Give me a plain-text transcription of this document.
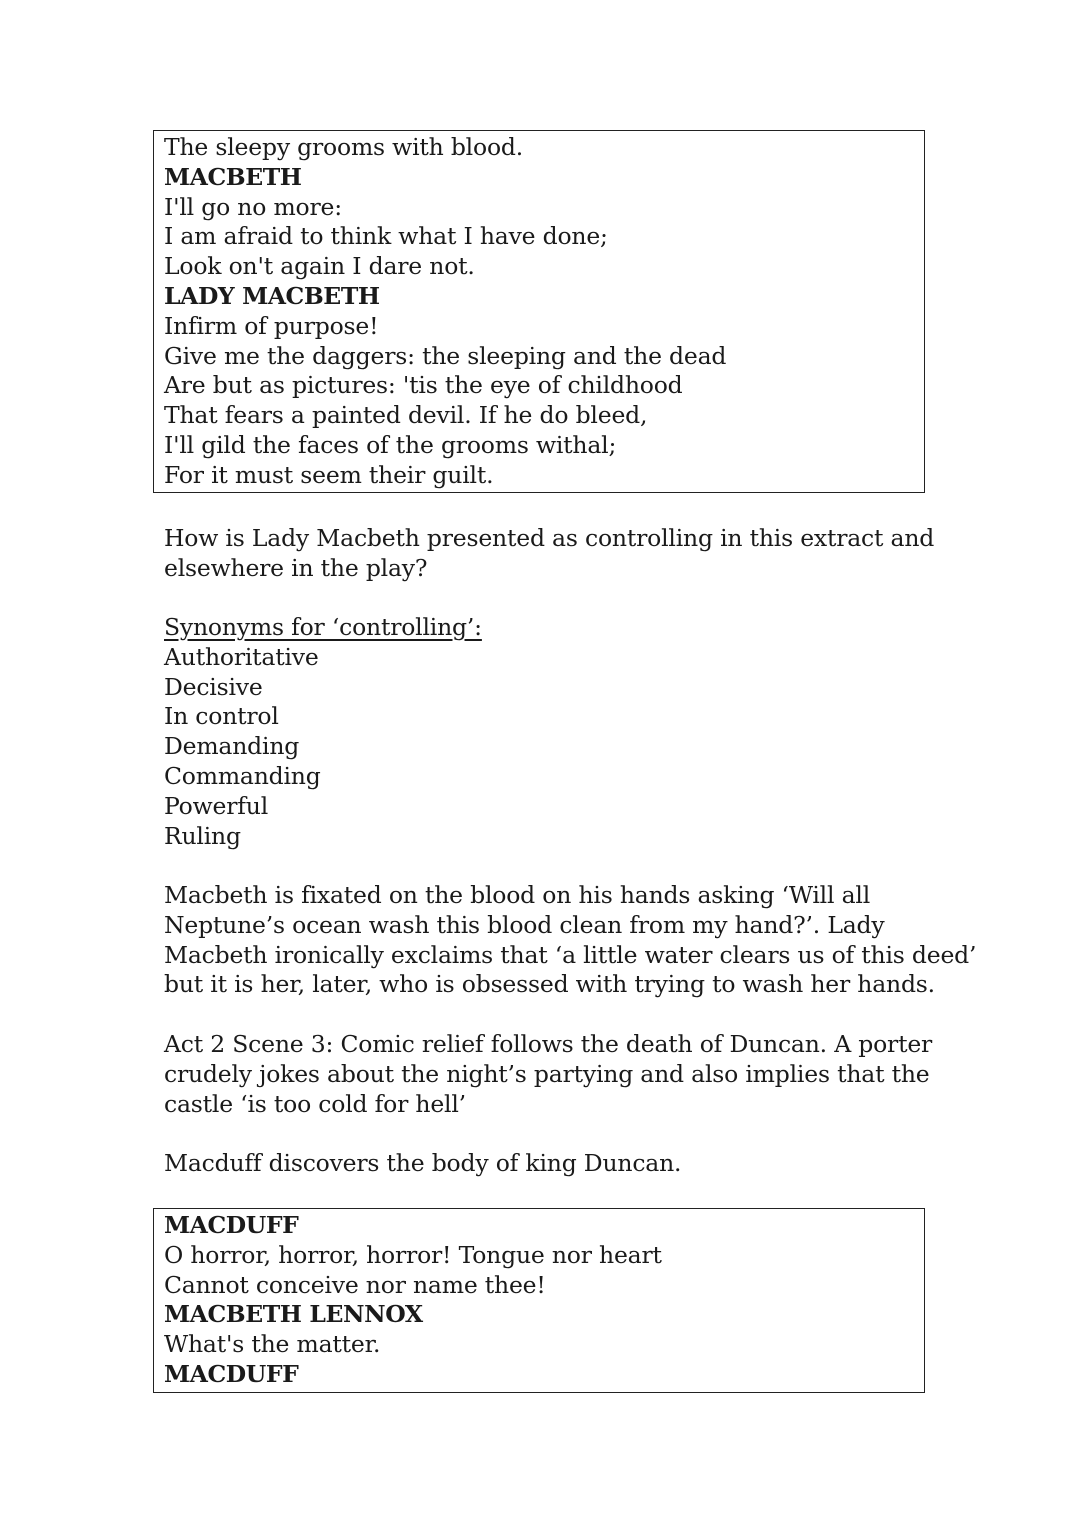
The sleepy grooms with blood.
MACBETH
I'll go no more:
I am afraid to think what I have done;
Look on't again I dare not.
LADY MACBETH
Infirm of purpose!
Give me the daggers: the sleeping and the dead
Are but as pictures: 'tis the eye of childhood
That fears a painted devil. If he do bleed,
I'll gild the faces of the grooms withal;
For it must seem their guilt.
How is Lady Macbeth presented as controlling in this extract and
elsewhere in the play?
Synonyms for ‘controlling’:
Authoritative
Decisive
In control
Demanding
Commanding
Powerful
Ruling
Macbeth is fixated on the blood on his hands asking ‘Will all
Neptune’s ocean wash this blood clean from my hand?’. Lady
Macbeth ironically exclaims that ‘a little water clears us of this deed’
but it is her, later, who is obsessed with trying to wash her hands.
Act 2 Scene 3: Comic relief follows the death of Duncan. A porter
crudely jokes about the night’s partying and also implies that the
castle ‘is too cold for hell’
Macduff discovers the body of king Duncan.
MACDUFF
O horror, horror, horror! Tongue nor heart
Cannot conceive nor name thee!
MACBETH LENNOX
What's the matter.
MACDUFF
